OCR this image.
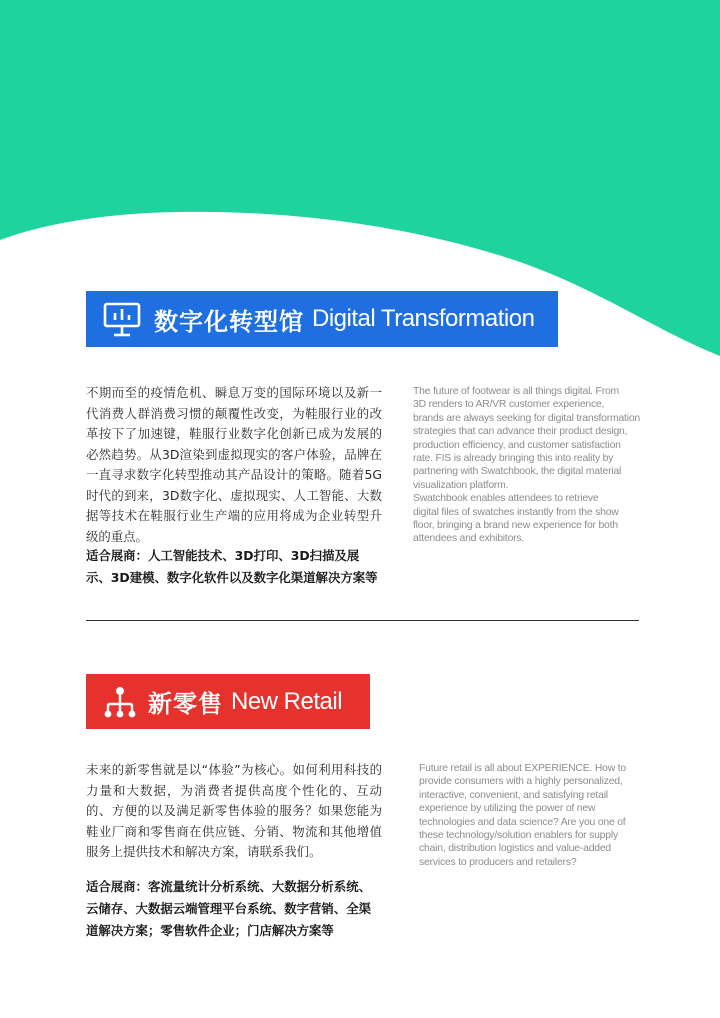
数字化转型馆 Digital Transformation
不期而至的疫情危机、瞬息万变的国际环境以及新一代消费人群消费习惯的颠覆性改变，为鞋服行业的改革按下了加速键，鞋服行业数字化创新已成为发展的必然趋势。从3D渲染到虚拟现实的客户体验，品牌在一直寻求数字化转型推动其产品设计的策略。随着5G时代的到来，3D数字化、虚拟现实、人工智能、大数据等技术在鞋服行业生产端的应用将成为企业转型升级的重点。
适合展商：人工智能技术、3D打印、3D扫描及展示、3D建模、数字化软件以及数字化渠道解决方案等
The future of footwear is all things digital. From
3D renders to AR/VR customer experience,
brands are always seeking for digital transformation
strategies that can advance their product design,
production efficiency, and customer satisfaction
rate. FIS is already bringing this into reality by
partnering with Swatchbook, the digital material
visualization platform.
Swatchbook enables attendees to retrieve
digital files of swatches instantly from the show
floor, bringing a brand new experience for both
attendees and exhibitors.
新零售 New Retail
未来的新零售就是以“体验”为核心。如何利用科技的力量和大数据，为消费者提供高度个性化的、互动的、方便的以及满足新零售体验的服务？如果您能为鞋业厂商和零售商在供应链、分销、物流和其他增值服务上提供技术和解决方案，请联系我们。
适合展商：客流量统计分析系统、大数据分析系统、云储存、大数据云端管理平台系统、数字营销、全渠道解决方案；零售软件企业；门店解决方案等
Future retail is all about EXPERIENCE. How to
provide consumers with a highly personalized,
interactive, convenient, and satisfying retail
experience by utilizing the power of new
technologies and data science? Are you one of
these technology/solution enablers for supply
chain, distribution logistics and value-added
services to producers and retailers?
